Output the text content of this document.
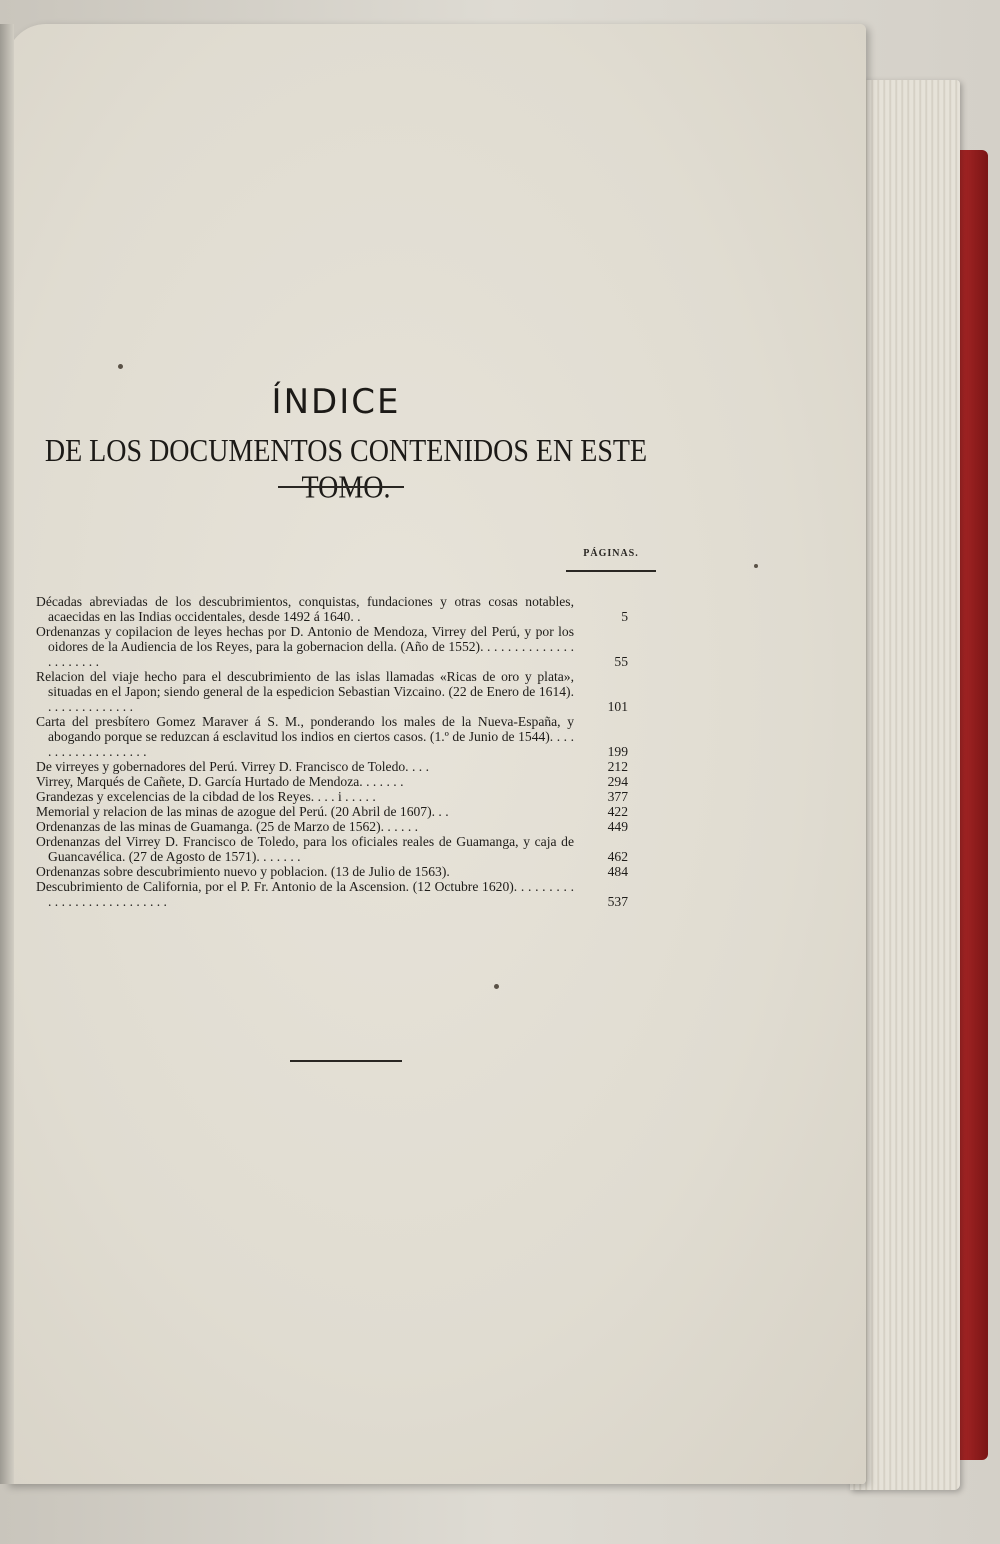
ÍNDICE
DE LOS DOCUMENTOS CONTENIDOS EN ESTE TOMO.
PÁGINAS.
Décadas abreviadas de los descubrimientos, conquistas, fundaciones y otras cosas notables, acaecidas en las Indias occidentales, desde 1492 á 1640. .	5
Ordenanzas y copilacion de leyes hechas por D. Antonio de Mendoza, Virrey del Perú, y por los oidores de la Audiencia de los Reyes, para la gobernacion della. (Año de 1552). . . . . . . . . . . . . . . . . . . . . .	55
Relacion del viaje hecho para el descubrimiento de las islas llamadas «Ricas de oro y plata», situadas en el Japon; siendo general de la espedicion Sebastian Vizcaino. (22 de Enero de 1614). . . . . . . . . . . . . .	101
Carta del presbítero Gomez Maraver á S. M., ponderando los males de la Nueva-España, y abogando porque se reduzcan á esclavitud los indios en ciertos casos. (1.º de Junio de 1544). . . . . . . . . . . . . . . . . . .	199
De virreyes y gobernadores del Perú. Virrey D. Francisco de Toledo. . . .	212
Virrey, Marqués de Cañete, D. García Hurtado de Mendoza. . . . . . .	294
Grandezas y excelencias de la cibdad de los Reyes. . . . i . . . . .	377
Memorial y relacion de las minas de azogue del Perú. (20 Abril de 1607). . .	422
Ordenanzas de las minas de Guamanga. (25 de Marzo de 1562). . . . . .	449
Ordenanzas del Virrey D. Francisco de Toledo, para los oficiales reales de Guamanga, y caja de Guancavélica. (27 de Agosto de 1571). . . . . . .	462
Ordenanzas sobre descubrimiento nuevo y poblacion. (13 de Julio de 1563).	484
Descubrimiento de California, por el P. Fr. Antonio de la Ascension. (12 Octubre 1620). . . . . . . . . . . . . . . . . . . . . . . . . . .	537
